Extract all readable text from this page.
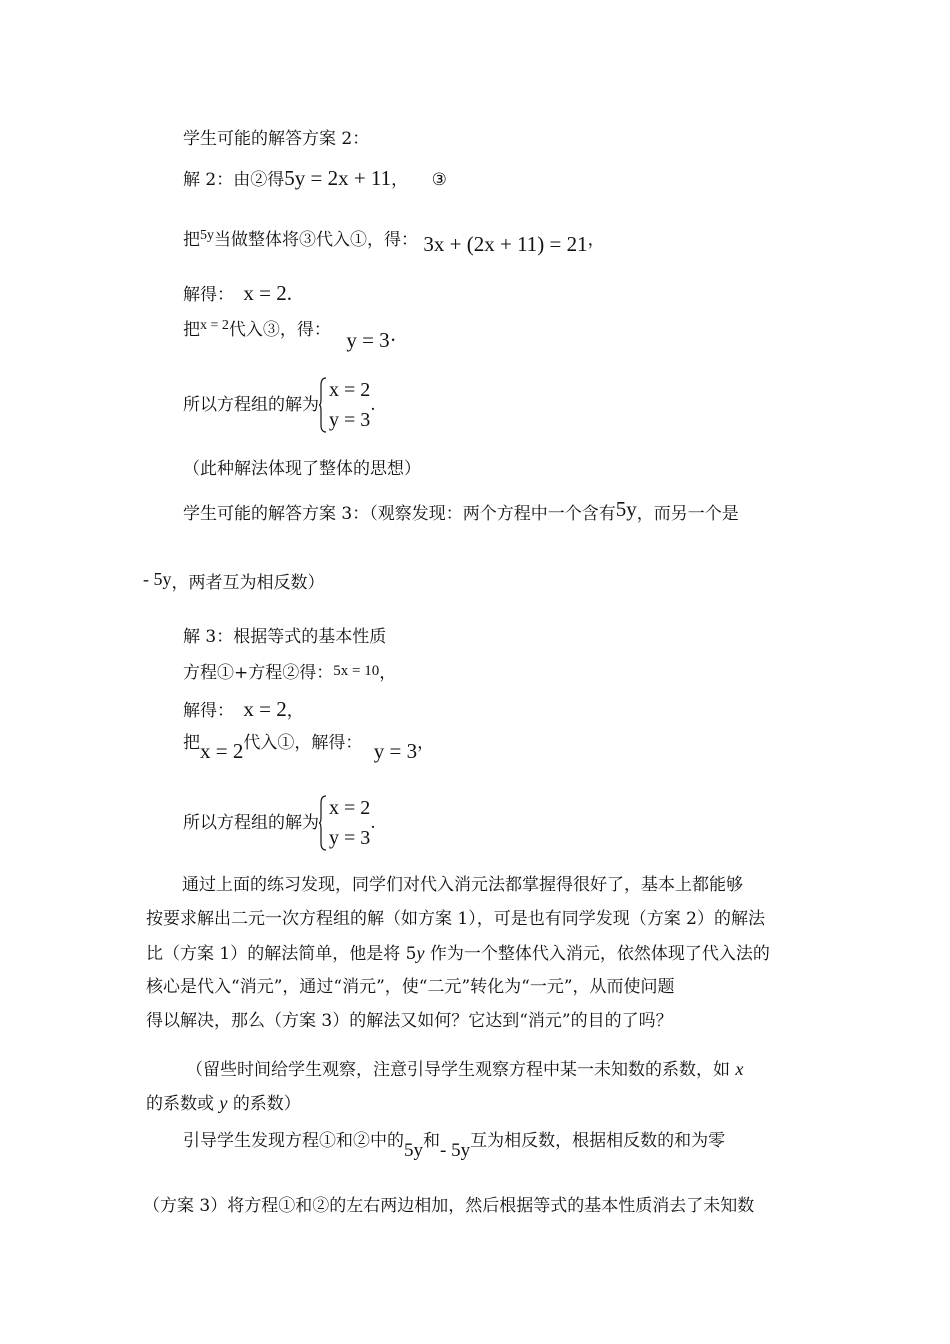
学生可能的解答方案 2：
解 2：由②得5y = 2x + 11， ③
把$^{5y}$当做整体将③代入①，得： 3x + (2x + 11) = 21，
解得： x = 2.
把$^{x = 2}$代入③，得： y = 3·
所以方程组的解为
x = 2
y = 3
.
（此种解法体现了整体的思想）
学生可能的解答方案 3：（观察发现：两个方程中一个含有5y，而另一个是
- 5y，两者互为相反数）
解 3：根据等式的基本性质
方程①+方程②得：5x = 10，
解得： x = 2，
把x = 2代入①，解得： y = 3，
所以方程组的解为
x = 2
y = 3
.
通过上面的练习发现，同学们对代入消元法都掌握得很好了，基本上都能够
按要求解出二元一次方程组的解（如方案 1），可是也有同学发现（方案 2）的解法
比（方案 1）的解法简单，他是将 5y 作为一个整体代入消元，依然体现了代入法的
核心是代入“消元”，通过“消元”，使“二元”转化为“一元”，从而使问题
得以解决，那么（方案 3）的解法又如何？它达到“消元”的目的了吗？
（留些时间给学生观察，注意引导学生观察方程中某一未知数的系数，如 x
的系数或 y 的系数）
引导学生发现方程①和②中的5y和- 5y互为相反数，根据相反数的和为零
（方案 3）将方程①和②的左右两边相加，然后根据等式的基本性质消去了未知数
